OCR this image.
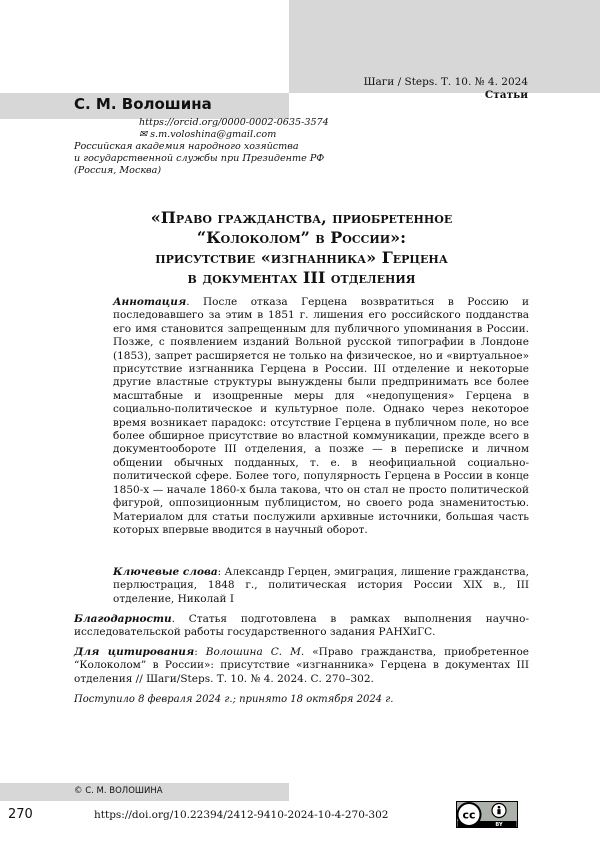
Шаги / Steps. Т. 10. № 4. 2024
Статьи
С. М. Волошина
https://orcid.org/0000-0002-0635-3574
✉ s.m.voloshina@gmail.com
Российская академия народного хозяйства
и государственной службы при Президенте РФ
(Россия, Москва)
«Право гражданства, приобретенное
“Колоколом” в России»:
присутствие «изгнанника» Герцена
в документах III отделения
Аннотация. После отказа Герцена возвратиться в Россию и последовавшего за этим в 1851 г. лишения его российского подданства его имя становится запрещенным для публичного упоминания в России. Позже, с появлением изданий Вольной русской типографии в Лондоне (1853), запрет расширяется не только на физическое, но и «виртуальное» присутствие изгнанника Герцена в России. III отделение и некоторые другие властные структуры вынуждены были предпринимать все более масштабные и изощренные меры для «недопущения» Герцена в социально-политическое и культурное поле. Однако через некоторое время возникает парадокс: отсутствие Герцена в публичном поле, но все более обширное присутствие во властной коммуникации, прежде всего в документообороте III отделения, а позже — в переписке и личном общении обычных подданных, т. е. в неофициальной социально-политической сфере. Более того, популярность Герцена в России в конце 1850-х — начале 1860-х была такова, что он стал не просто политической фигурой, оппозиционным публицистом, но своего рода знаменитостью. Материалом для статьи послужили архивные источники, большая часть которых впервые вводится в научный оборот.
Ключевые слова: Александр Герцен, эмиграция, лишение гражданства, перлюстрация, 1848 г., политическая история России XIX в., III отделение, Николай I
Благодарности. Статья подготовлена в рамках выполнения научно-исследовательской работы государственного задания РАНХиГС.
Для цитирования: Волошина С. М. «Право гражданства, приобретенное “Колоколом” в России»: присутствие «изгнанника» Герцена в документах III отделения // Шаги/Steps. Т. 10. № 4. 2024. С. 270–302.
Поступило 8 февраля 2024 г.; принято 18 октября 2024 г.
© С. М. ВОЛОШИНА
270	https://doi.org/10.22394/2412-9410-2024-10-4-270-302	cc
BY
